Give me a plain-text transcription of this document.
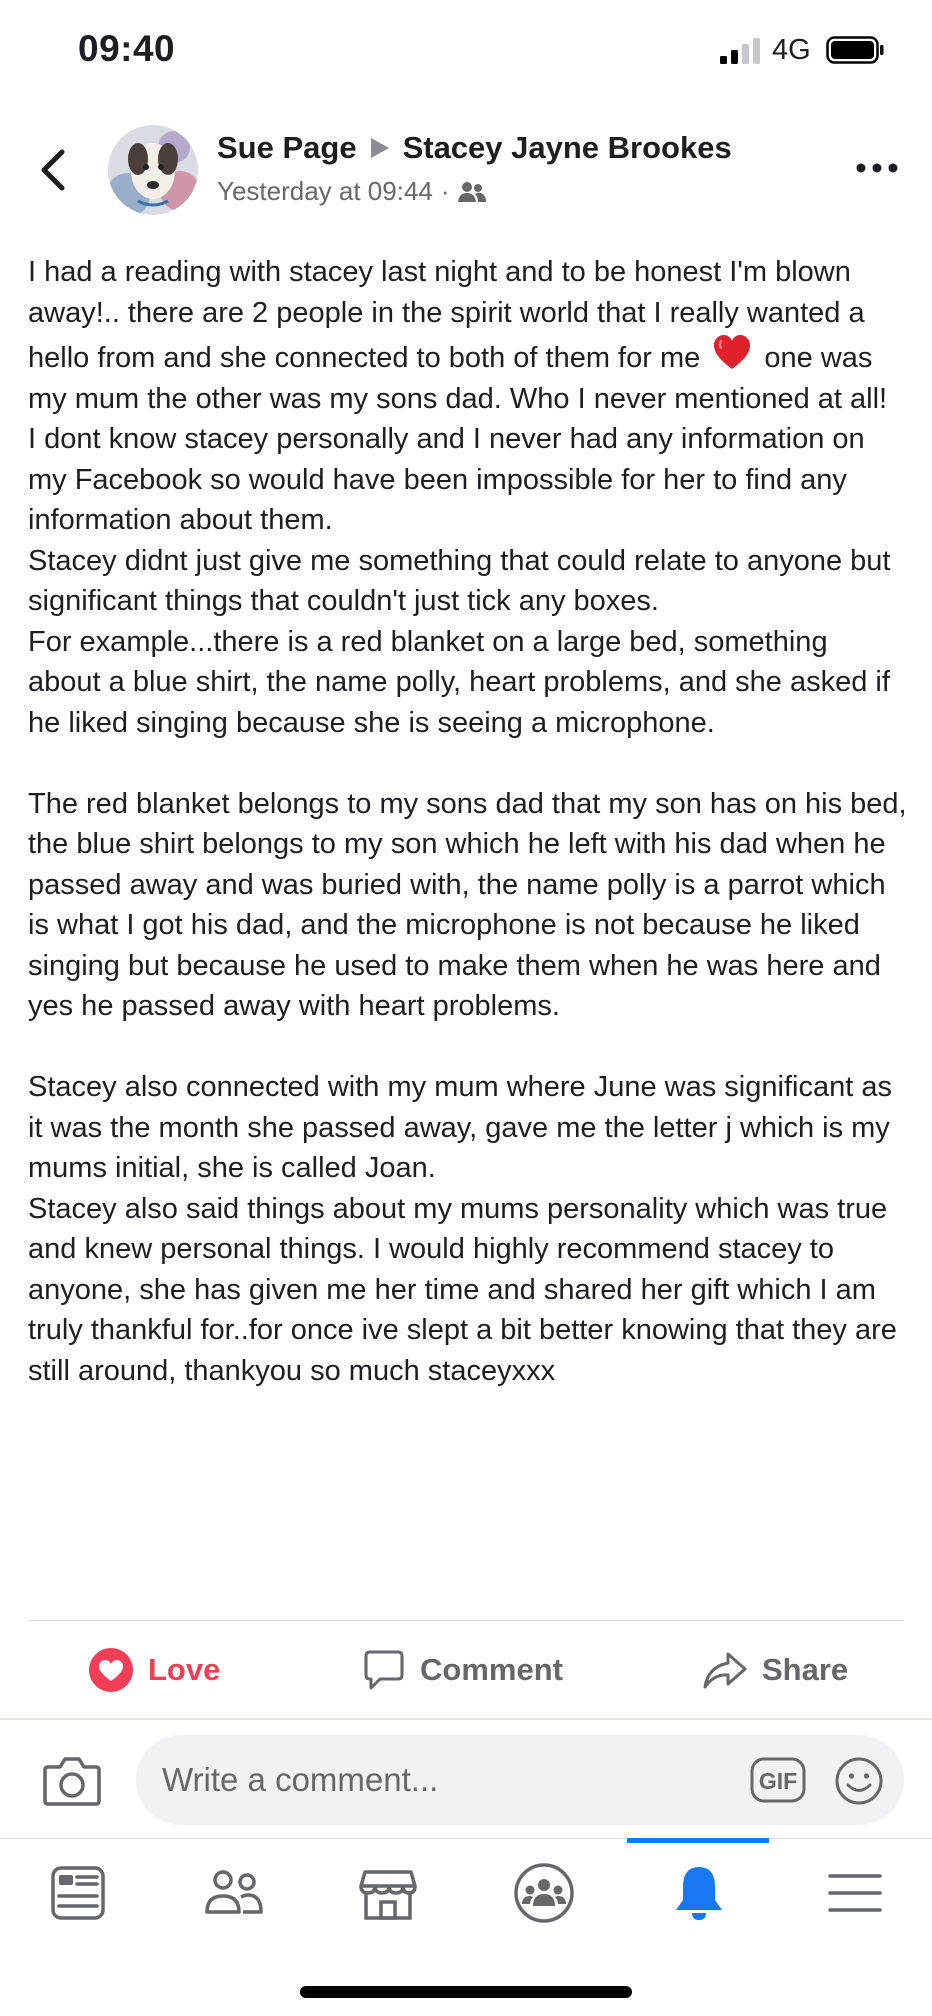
09:40	4G
Sue Page Stacey Jayne Brookes
Yesterday at 09:44 ·

I had a reading with stacey last night and to be honest I'm blown away!.. there are 2 people in the spirit world that I really wanted a hello from and she connected to both of them for me one was my mum the other was my sons dad. Who I never mentioned at all!

I dont know stacey personally and I never had any information on my Facebook so would have been impossible for her to find any information about them.

Stacey didnt just give me something that could relate to anyone but significant things that couldn't just tick any boxes.

For example...there is a red blanket on a large bed, something about a blue shirt, the name polly, heart problems, and she asked if he liked singing because she is seeing a microphone.

The red blanket belongs to my sons dad that my son has on his bed, the blue shirt belongs to my son which he left with his dad when he passed away and was buried with, the name polly is a parrot which is what I got his dad, and the microphone is not because he liked singing but because he used to make them when he was here and yes he passed away with heart problems.

Stacey also connected with my mum where June was significant as it was the month she passed away, gave me the letter j which is my mums initial, she is called Joan.

Stacey also said things about my mums personality which was true and knew personal things. I would highly recommend stacey to anyone, she has given me her time and shared her gift which I am truly thankful for..for once ive slept a bit better knowing that they are still around, thankyou so much staceyxxx

Love	Comment	Share
Write a comment...
GIF
